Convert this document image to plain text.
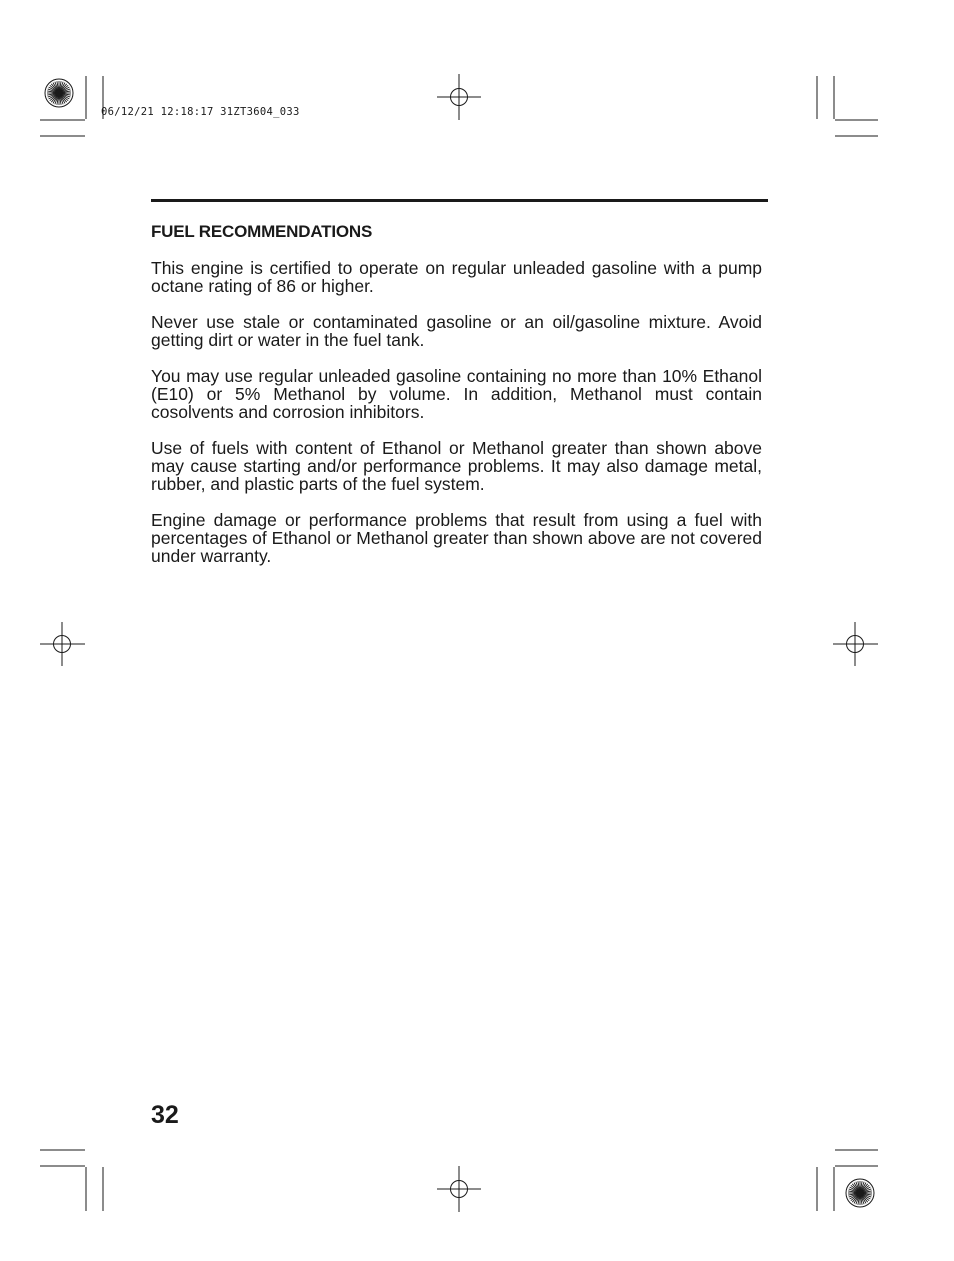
06/12/21 12:18:17 31ZT3604_033
FUEL RECOMMENDATIONS

This engine is certified to operate on regular unleaded gasoline with a pump octane rating of 86 or higher.

Never use stale or contaminated gasoline or an oil/gasoline mixture. Avoid getting dirt or water in the fuel tank.

You may use regular unleaded gasoline containing no more than 10% Ethanol (E10) or 5% Methanol by volume. In addition, Methanol must contain cosolvents and corrosion inhibitors.

Use of fuels with content of Ethanol or Methanol greater than shown above may cause starting and/or performance problems. It may also damage metal, rubber, and plastic parts of the fuel system.

Engine damage or performance problems that result from using a fuel with percentages of Ethanol or Methanol greater than shown above are not covered under warranty.

32
